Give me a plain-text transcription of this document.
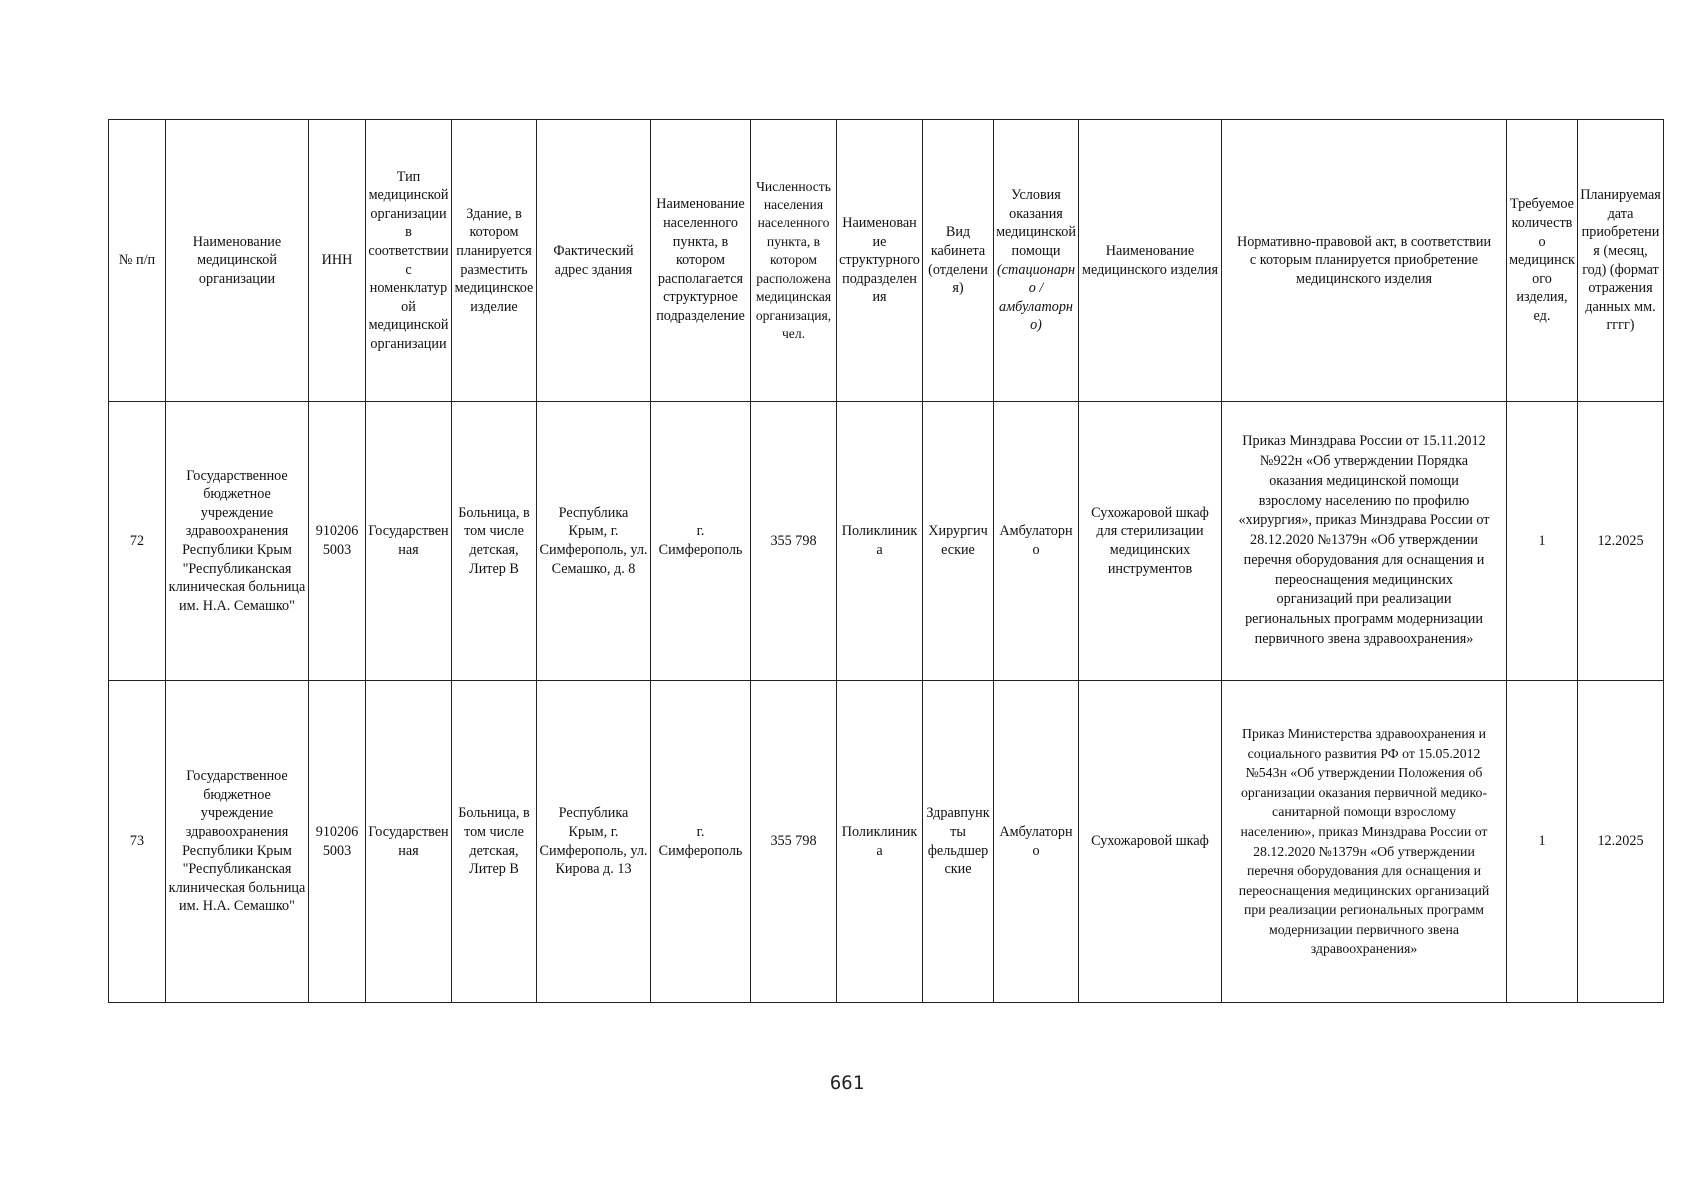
№ п/п	Наименование медицинской организации	ИНН	Тип медицинской организации в соответствии с номенклатурой медицинской организации	Здание, в котором планируется разместить медицинское изделие	Фактический адрес здания	Наименование населенного пункта, в котором располагается структурное подразделение	Численность населения населенного пункта, в котором расположена медицинская организация, чел.	Наименование структурного подразделения	Вид кабинета (отделения)	Условия оказания медицинской помощи (стационарно / амбулаторно)	Наименование медицинского изделия	Нормативно-правовой акт, в соответствии с которым планируется приобретение медицинского изделия	Требуемое количество медицинского изделия, ед.	Планируемая дата приобретения (месяц, год) (формат отражения данных мм. гггг)
72	Государственное бюджетное учреждение здравоохранения Республики Крым "Республиканская клиническая больница им. Н.А. Семашко"	910206 5003	Государственная	Больница, в том числе детская, Литер В	Республика Крым, г. Симферополь, ул. Семашко, д. 8	г. Симферополь	355 798	Поликлиника	Хирургические	Амбулаторно	Сухожаровой шкаф для стерилизации медицинских инструментов	Приказ Минздрава России от 15.11.2012 №922н «Об утверждении Порядка оказания медицинской помощи взрослому населению по профилю «хирургия», приказ Минздрава России от 28.12.2020 №1379н «Об утверждении перечня оборудования для оснащения и переоснащения медицинских организаций при реализации региональных программ модернизации первичного звена здравоохранения»	1	12.2025
73	Государственное бюджетное учреждение здравоохранения Республики Крым "Республиканская клиническая больница им. Н.А. Семашко"	910206 5003	Государственная	Больница, в том числе детская, Литер В	Республика Крым, г. Симферополь, ул. Кирова д. 13	г. Симферополь	355 798	Поликлиника	Здравпункты фельдшерские	Амбулаторно	Сухожаровой шкаф	Приказ Министерства здравоохранения и социального развития РФ от 15.05.2012 №543н «Об утверждении Положения об организации оказания первичной медико-санитарной помощи взрослому населению», приказ Минздрава России от 28.12.2020 №1379н «Об утверждении перечня оборудования для оснащения и переоснащения медицинских организаций при реализации региональных программ модернизации первичного звена здравоохранения»	1	12.2025
661
